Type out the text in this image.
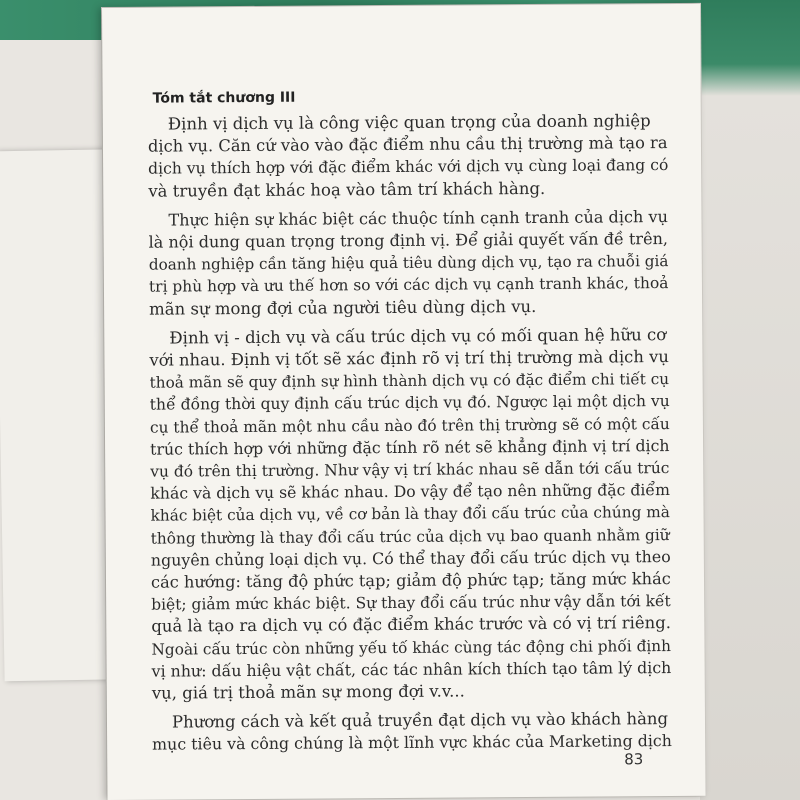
Tóm tắt chương III
Định vị dịch vụ là công việc quan trọng của doanh nghiệp
dịch vụ. Căn cứ vào vào đặc điểm nhu cầu thị trường mà tạo ra
dịch vụ thích hợp với đặc điểm khác với dịch vụ cùng loại đang có
và truyền đạt khác hoạ vào tâm trí khách hàng.
Thực hiện sự khác biệt các thuộc tính cạnh tranh của dịch vụ
là nội dung quan trọng trong định vị. Để giải quyết vấn đề trên,
doanh nghiệp cần tăng hiệu quả tiêu dùng dịch vụ, tạo ra chuỗi giá
trị phù hợp và ưu thế hơn so với các dịch vụ cạnh tranh khác, thoả
mãn sự mong đợi của người tiêu dùng dịch vụ.
Định vị - dịch vụ và cấu trúc dịch vụ có mối quan hệ hữu cơ
với nhau. Định vị tốt sẽ xác định rõ vị trí thị trường mà dịch vụ
thoả mãn sẽ quy định sự hình thành dịch vụ có đặc điểm chi tiết cụ
thể đồng thời quy định cấu trúc dịch vụ đó. Ngược lại một dịch vụ
cụ thể thoả mãn một nhu cầu nào đó trên thị trường sẽ có một cấu
trúc thích hợp với những đặc tính rõ nét sẽ khẳng định vị trí dịch
vụ đó trên thị trường. Như vậy vị trí khác nhau sẽ dẫn tới cấu trúc
khác và dịch vụ sẽ khác nhau. Do vậy để tạo nên những đặc điểm
khác biệt của dịch vụ, về cơ bản là thay đổi cấu trúc của chúng mà
thông thường là thay đổi cấu trúc của dịch vụ bao quanh nhằm giữ
nguyên chủng loại dịch vụ. Có thể thay đổi cấu trúc dịch vụ theo
các hướng: tăng độ phức tạp; giảm độ phức tạp; tăng mức khác
biệt; giảm mức khác biệt. Sự thay đổi cấu trúc như vậy dẫn tới kết
quả là tạo ra dịch vụ có đặc điểm khác trước và có vị trí riêng.
Ngoài cấu trúc còn những yếu tố khác cùng tác động chi phối định
vị như: dấu hiệu vật chất, các tác nhân kích thích tạo tâm lý dịch
vụ, giá trị thoả mãn sự mong đợi v.v...
Phương cách và kết quả truyền đạt dịch vụ vào khách hàng
mục tiêu và công chúng là một lĩnh vực khác của Marketing dịch
83
